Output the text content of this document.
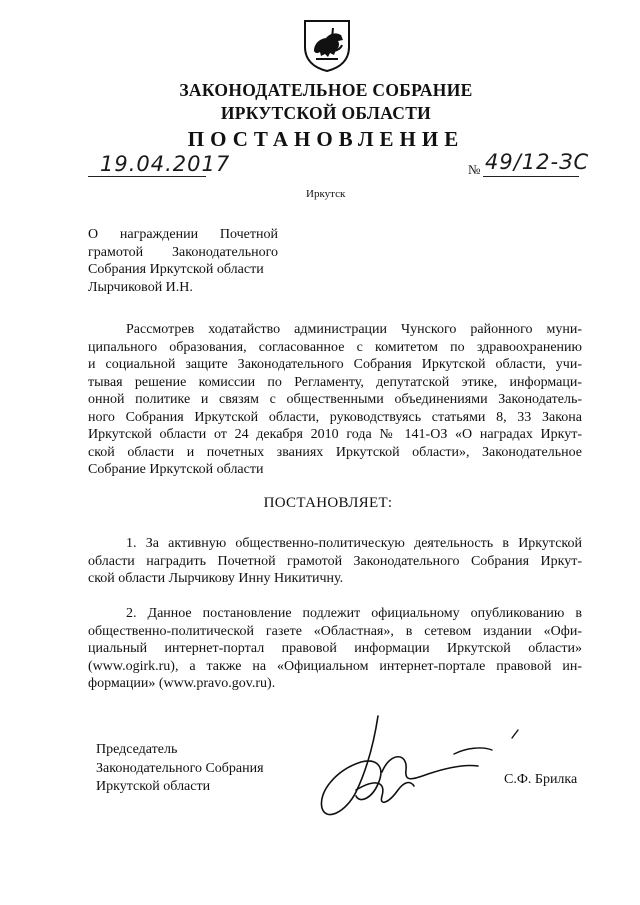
ЗАКОНОДАТЕЛЬНОЕ СОБРАНИЕ
ИРКУТСКОЙ ОБЛАСТИ
ПОСТАНОВЛЕНИЕ
19.04.2017	№ 49/12-ЗС
Иркутск
О награждении Почетной
грамотой Законодательного
Собрания Иркутской области
Лырчиковой И.Н.
Рассмотрев ходатайство администрации Чунского районного муни-
ципального образования, согласованное с комитетом по здравоохранению
и социальной защите Законодательного Собрания Иркутской области, учи-
тывая решение комиссии по Регламенту, депутатской этике, информаци-
онной политике и связям с общественными объединениями Законодатель-
ного Собрания Иркутской области, руководствуясь статьями 8, 33 Закона
Иркутской области от 24 декабря 2010 года № 141-ОЗ «О наградах Иркут-
ской области и почетных званиях Иркутской области», Законодательное
Собрание Иркутской области
ПОСТАНОВЛЯЕТ:
1. За активную общественно-политическую деятельность в Иркутской
области наградить Почетной грамотой Законодательного Собрания Иркут-
ской области Лырчикову Инну Никитичну.
2. Данное постановление подлежит официальному опубликованию в
общественно-политической газете «Областная», в сетевом издании «Офи-
циальный интернет-портал правовой информации Иркутской области»
(www.ogirk.ru), а также на «Официальном интернет-портале правовой ин-
формации» (www.pravo.gov.ru).
Председатель
Законодательного Собрания
Иркутской области	С.Ф. Брилка
